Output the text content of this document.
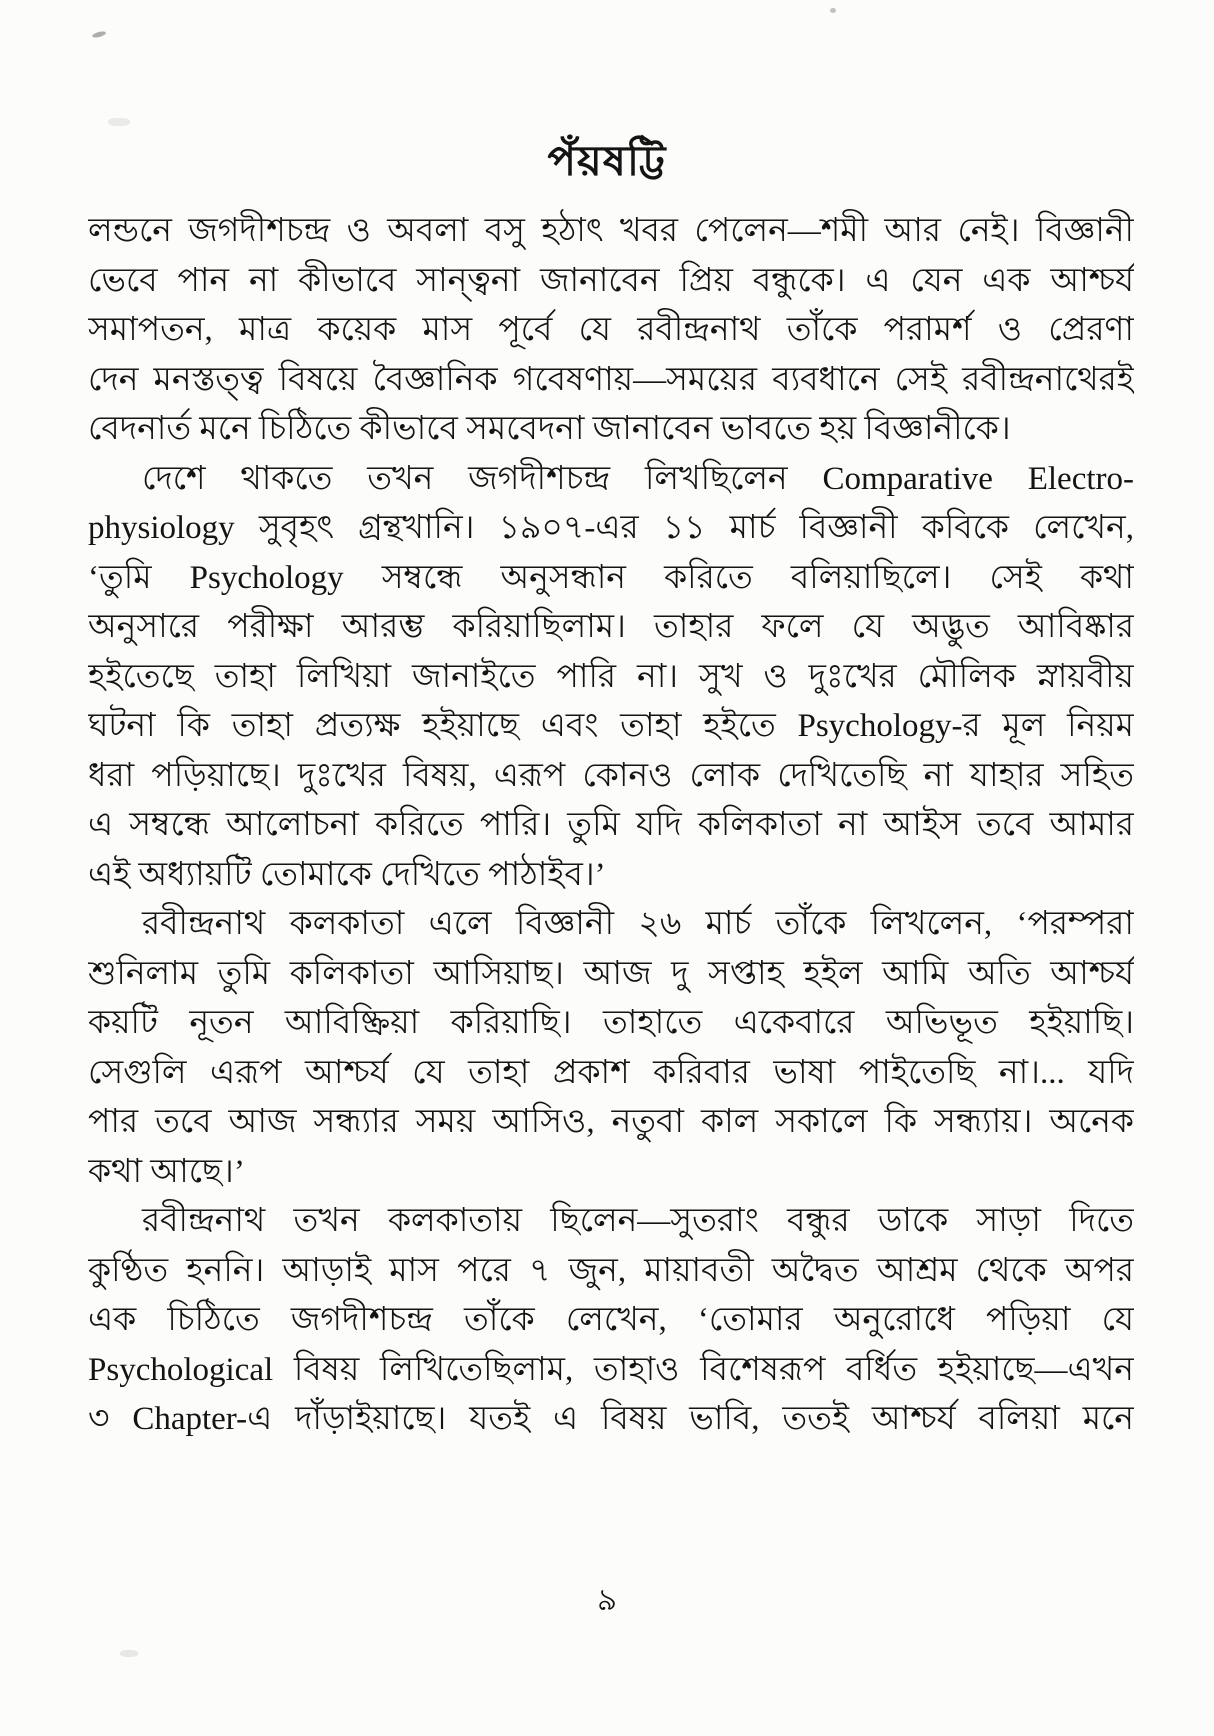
পঁয়ষট্টি
লন্ডনে জগদীশচন্দ্র ও অবলা বসু হঠাৎ খবর পেলেন—শমী আর নেই। বিজ্ঞানী
ভেবে পান না কীভাবে সান্ত্বনা জানাবেন প্রিয় বন্ধুকে। এ যেন এক আশ্চর্য
সমাপতন, মাত্র কয়েক মাস পূর্বে যে রবীন্দ্রনাথ তাঁকে পরামর্শ ও প্রেরণা
দেন মনস্তত্ত্ব বিষয়ে বৈজ্ঞানিক গবেষণায়—সময়ের ব্যবধানে সেই রবীন্দ্রনাথেরই
বেদনার্ত মনে চিঠিতে কীভাবে সমবেদনা জানাবেন ভাবতে হয় বিজ্ঞানীকে।
দেশে থাকতে তখন জগদীশচন্দ্র লিখছিলেন Comparative Electro-
physiology সুবৃহৎ গ্রন্থখানি। ১৯০৭-এর ১১ মার্চ বিজ্ঞানী কবিকে লেখেন,
‘তুমি Psychology সম্বন্ধে অনুসন্ধান করিতে বলিয়াছিলে। সেই কথা
অনুসারে পরীক্ষা আরম্ভ করিয়াছিলাম। তাহার ফলে যে অদ্ভুত আবিষ্কার
হইতেছে তাহা লিখিয়া জানাইতে পারি না। সুখ ও দুঃখের মৌলিক স্নায়বীয়
ঘটনা কি তাহা প্রত্যক্ষ হইয়াছে এবং তাহা হইতে Psychology-র মূল নিয়ম
ধরা পড়িয়াছে। দুঃখের বিষয়, এরূপ কোনও লোক দেখিতেছি না যাহার সহিত
এ সম্বন্ধে আলোচনা করিতে পারি। তুমি যদি কলিকাতা না আইস তবে আমার
এই অধ্যায়টি তোমাকে দেখিতে পাঠাইব।’
রবীন্দ্রনাথ কলকাতা এলে বিজ্ঞানী ২৬ মার্চ তাঁকে লিখলেন, ‘পরম্পরা
শুনিলাম তুমি কলিকাতা আসিয়াছ। আজ দু সপ্তাহ হইল আমি অতি আশ্চর্য
কয়টি নূতন আবিষ্ক্রিয়া করিয়াছি। তাহাতে একেবারে অভিভূত হইয়াছি।
সেগুলি এরূপ আশ্চর্য যে তাহা প্রকাশ করিবার ভাষা পাইতেছি না।... যদি
পার তবে আজ সন্ধ্যার সময় আসিও, নতুবা কাল সকালে কি সন্ধ্যায়। অনেক
কথা আছে।’
রবীন্দ্রনাথ তখন কলকাতায় ছিলেন—সুতরাং বন্ধুর ডাকে সাড়া দিতে
কুণ্ঠিত হননি। আড়াই মাস পরে ৭ জুন, মায়াবতী অদ্বৈত আশ্রম থেকে অপর
এক চিঠিতে জগদীশচন্দ্র তাঁকে লেখেন, ‘তোমার অনুরোধে পড়িয়া যে
Psychological বিষয় লিখিতেছিলাম, তাহাও বিশেষরূপ বর্ধিত হইয়াছে—এখন
৩ Chapter-এ দাঁড়াইয়াছে। যতই এ বিষয় ভাবি, ততই আশ্চর্য বলিয়া মনে
৯
